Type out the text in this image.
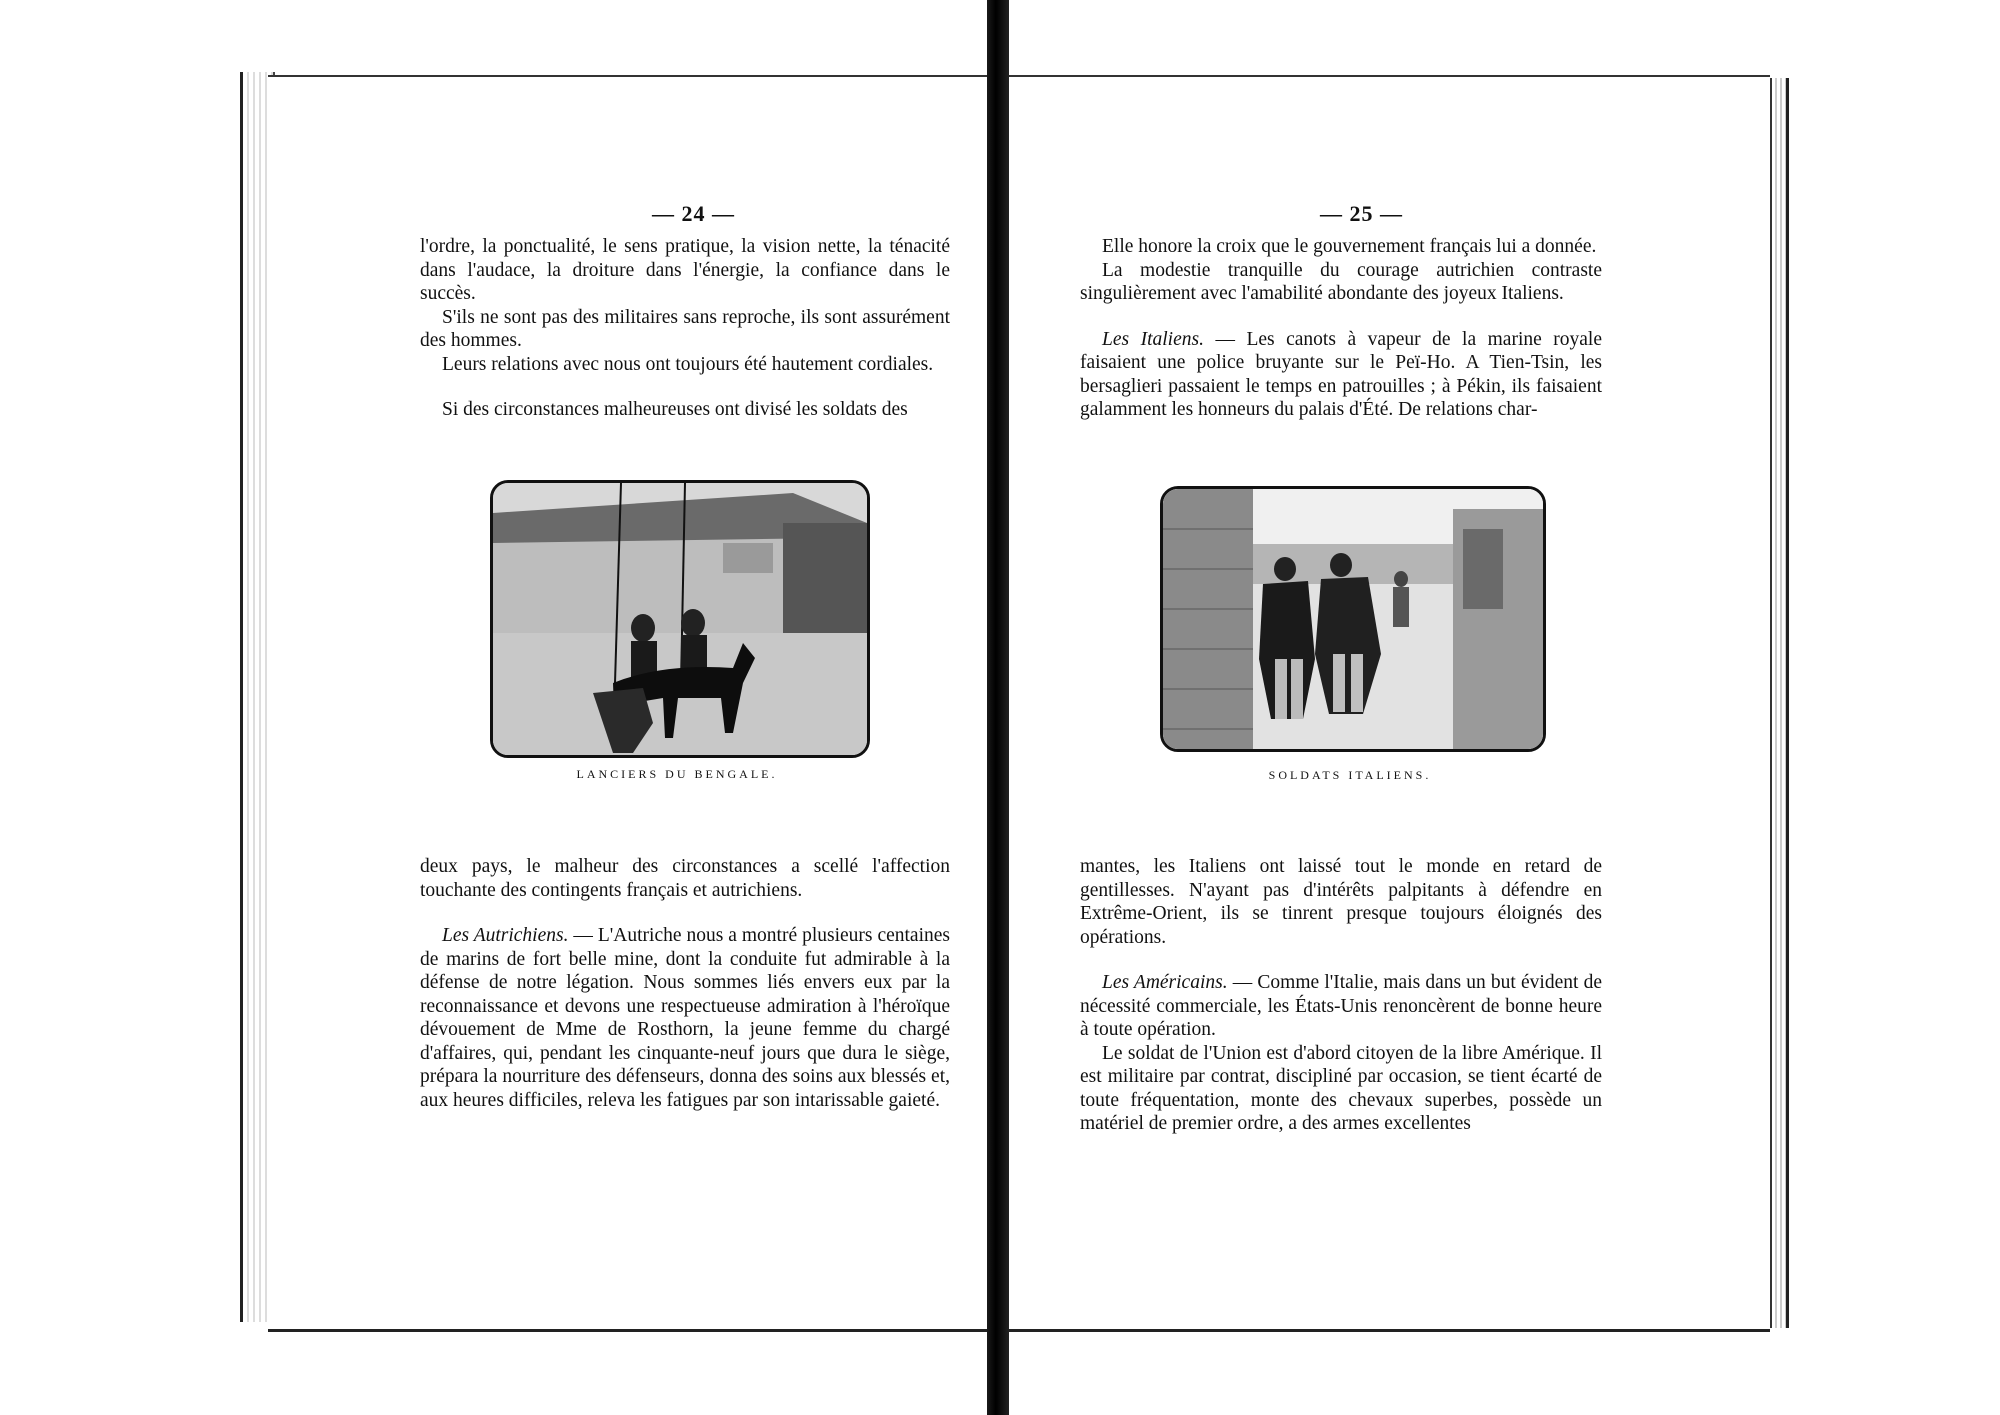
— 24 —

l'ordre, la ponctualité, le sens pratique, la vision nette, la ténacité dans l'audace, la droiture dans l'énergie, la confiance dans le succès.

S'ils ne sont pas des militaires sans reproche, ils sont assurément des hommes.

Leurs relations avec nous ont toujours été hautement cordiales.

Si des circonstances malheureuses ont divisé les soldats des

LANCIERS DU BENGALE.

deux pays, le malheur des circonstances a scellé l'affection touchante des contingents français et autrichiens.

Les Autrichiens. — L'Autriche nous a montré plusieurs centaines de marins de fort belle mine, dont la conduite fut admirable à la défense de notre légation. Nous sommes liés envers eux par la reconnaissance et devons une respectueuse admiration à l'héroïque dévouement de Mme de Rosthorn, la jeune femme du chargé d'affaires, qui, pendant les cinquante-neuf jours que dura le siège, prépara la nourriture des défenseurs, donna des soins aux blessés et, aux heures difficiles, releva les fatigues par son intarissable gaieté.

— 25 —

Elle honore la croix que le gouvernement français lui a donnée.

La modestie tranquille du courage autrichien contraste singulièrement avec l'amabilité abondante des joyeux Italiens.

Les Italiens. — Les canots à vapeur de la marine royale faisaient une police bruyante sur le Peï-Ho. A Tien-Tsin, les bersaglieri passaient le temps en patrouilles ; à Pékin, ils faisaient galamment les honneurs du palais d'Été. De relations char-

SOLDATS ITALIENS.

mantes, les Italiens ont laissé tout le monde en retard de gentillesses. N'ayant pas d'intérêts palpitants à défendre en Extrême-Orient, ils se tinrent presque toujours éloignés des opérations.

Les Américains. — Comme l'Italie, mais dans un but évident de nécessité commerciale, les États-Unis renoncèrent de bonne heure à toute opération.

Le soldat de l'Union est d'abord citoyen de la libre Amérique. Il est militaire par contrat, discipliné par occasion, se tient écarté de toute fréquentation, monte des chevaux superbes, possède un matériel de premier ordre, a des armes excellentes
